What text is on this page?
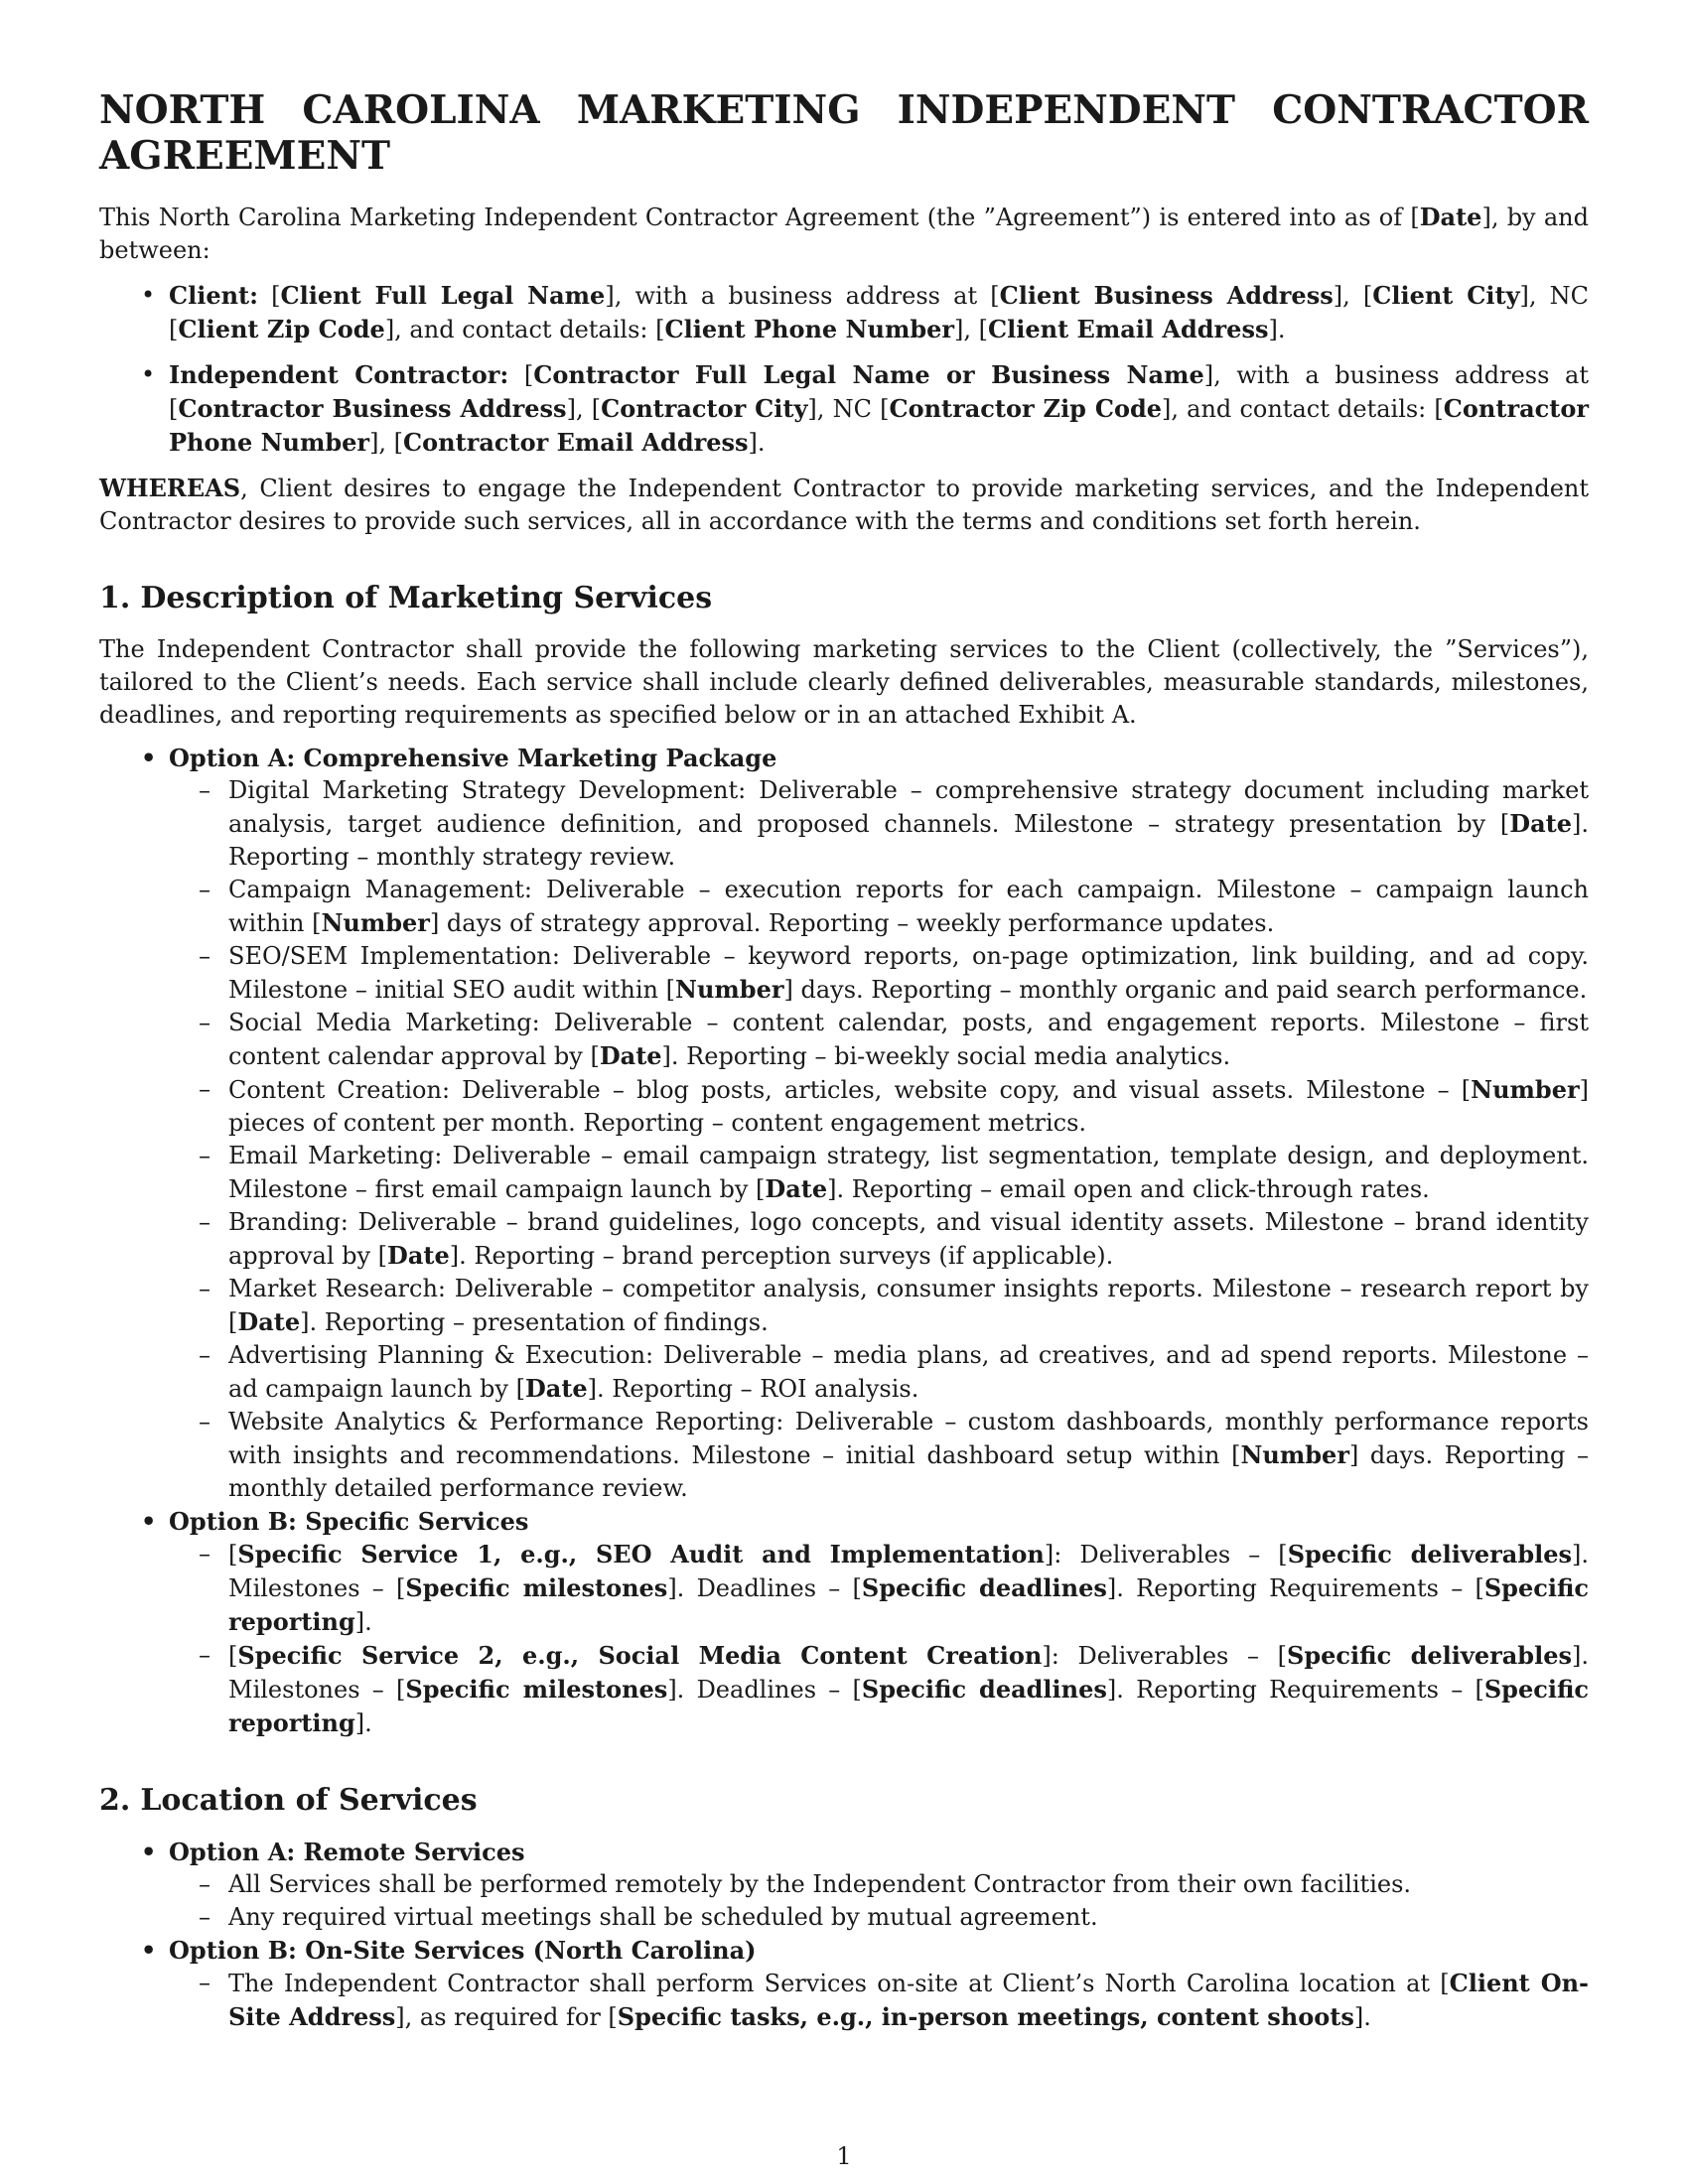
NORTH CAROLINA MARKETING INDEPENDENT CONTRACTOR AGREEMENT

This North Carolina Marketing Independent Contractor Agreement (the ”Agreement”) is entered into as of [Date], by and between:

• Client: [Client Full Legal Name], with a business address at [Client Business Address], [Client City], NC [Client Zip Code], and contact details: [Client Phone Number], [Client Email Address].
• Independent Contractor: [Contractor Full Legal Name or Business Name], with a business address at [Contractor Business Address], [Contractor City], NC [Contractor Zip Code], and contact details: [Contractor Phone Number], [Contractor Email Address].

WHEREAS, Client desires to engage the Independent Contractor to provide marketing services, and the Independent Contractor desires to provide such services, all in accordance with the terms and conditions set forth herein.

1. Description of Marketing Services

The Independent Contractor shall provide the following marketing services to the Client (collectively, the ”Services”), tailored to the Client’s needs. Each service shall include clearly defined deliverables, measurable standards, milestones, deadlines, and reporting requirements as specified below or in an attached Exhibit A.

• Option A: Comprehensive Marketing Package
– Digital Marketing Strategy Development: Deliverable – comprehensive strategy document including market analysis, target audience definition, and proposed channels. Milestone – strategy presentation by [Date]. Reporting – monthly strategy review.
– Campaign Management: Deliverable – execution reports for each campaign. Milestone – campaign launch within [Number] days of strategy approval. Reporting – weekly performance updates.
– SEO/SEM Implementation: Deliverable – keyword reports, on-page optimization, link building, and ad copy. Milestone – initial SEO audit within [Number] days. Reporting – monthly organic and paid search performance.
– Social Media Marketing: Deliverable – content calendar, posts, and engagement reports. Milestone – first content calendar approval by [Date]. Reporting – bi-weekly social media analytics.
– Content Creation: Deliverable – blog posts, articles, website copy, and visual assets. Milestone – [Number] pieces of content per month. Reporting – content engagement metrics.
– Email Marketing: Deliverable – email campaign strategy, list segmentation, template design, and deployment. Milestone – first email campaign launch by [Date]. Reporting – email open and click-through rates.
– Branding: Deliverable – brand guidelines, logo concepts, and visual identity assets. Milestone – brand identity approval by [Date]. Reporting – brand perception surveys (if applicable).
– Market Research: Deliverable – competitor analysis, consumer insights reports. Milestone – research report by [Date]. Reporting – presentation of findings.
– Advertising Planning & Execution: Deliverable – media plans, ad creatives, and ad spend reports. Milestone – ad campaign launch by [Date]. Reporting – ROI analysis.
– Website Analytics & Performance Reporting: Deliverable – custom dashboards, monthly performance reports with insights and recommendations. Milestone – initial dashboard setup within [Number] days. Reporting – monthly detailed performance review.
• Option B: Specific Services
– [Specific Service 1, e.g., SEO Audit and Implementation]: Deliverables – [Specific deliverables]. Milestones – [Specific milestones]. Deadlines – [Specific deadlines]. Reporting Requirements – [Specific reporting].
– [Specific Service 2, e.g., Social Media Content Creation]: Deliverables – [Specific deliverables]. Milestones – [Specific milestones]. Deadlines – [Specific deadlines]. Reporting Requirements – [Specific reporting].
2. Location of Services
• Option A: Remote Services
– All Services shall be performed remotely by the Independent Contractor from their own facilities.
– Any required virtual meetings shall be scheduled by mutual agreement.
• Option B: On-Site Services (North Carolina)
– The Independent Contractor shall perform Services on-site at Client’s North Carolina location at [Client On-Site Address], as required for [Specific tasks, e.g., in-person meetings, content shoots].
1
